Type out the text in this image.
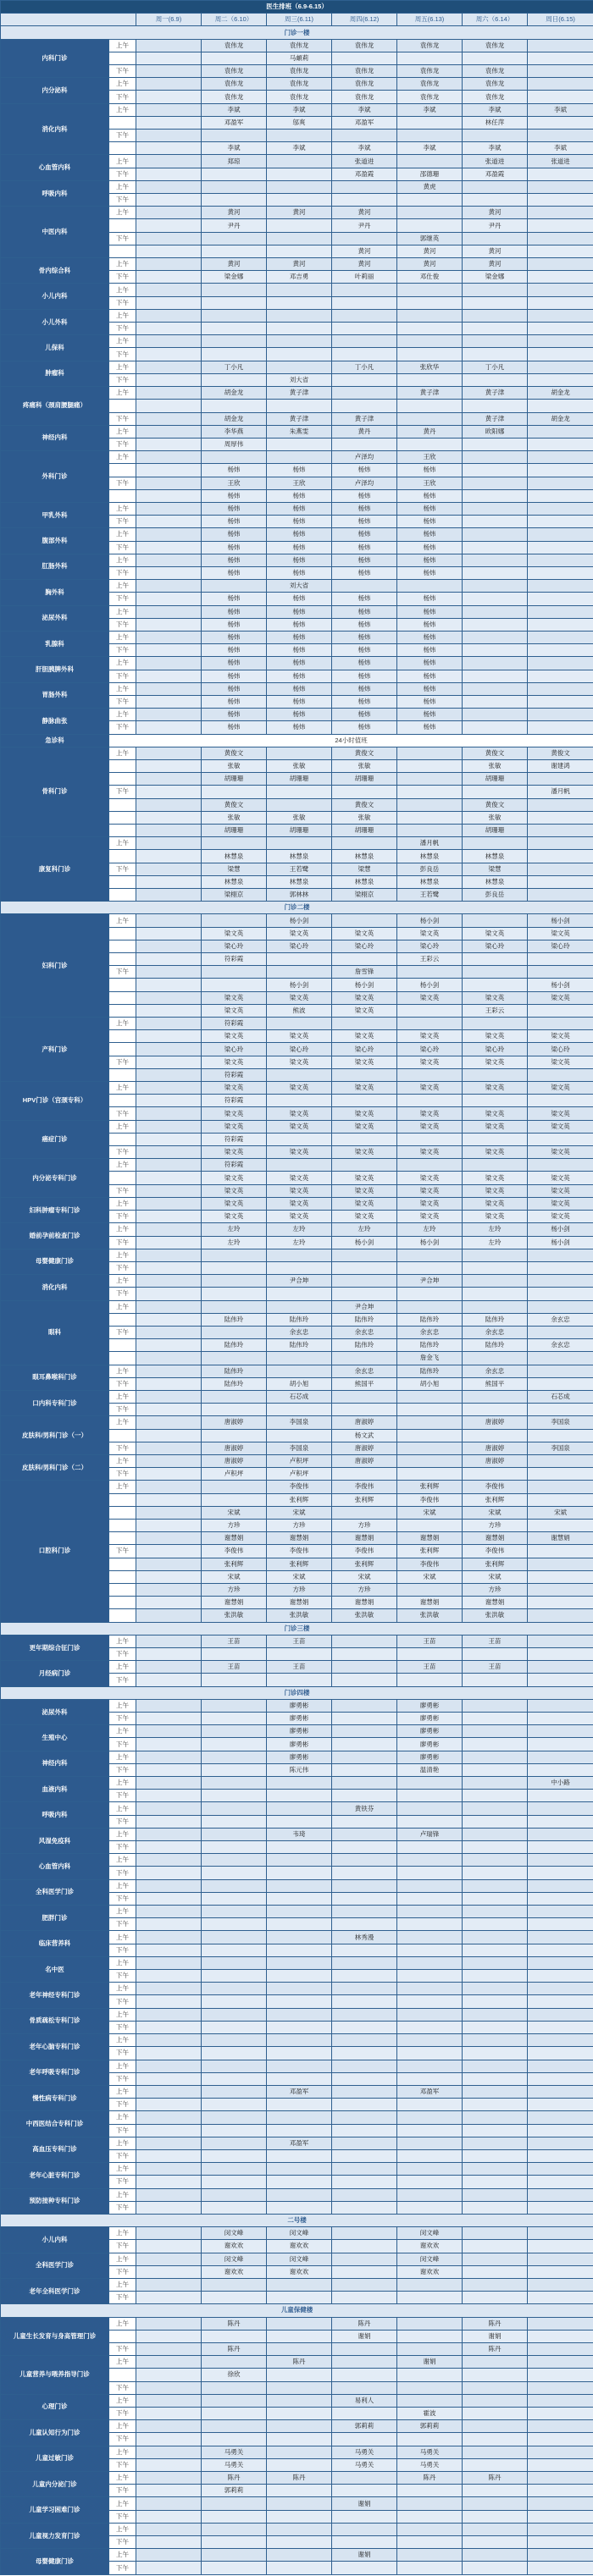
医生排班（6.9-6.15）								
		周一(6.9)	周二（6.10）	周三(6.11)	周四(6.12)	周五(6.13)	周六（6.14）	周日(6.15)
门诊一楼								
内科门诊	上午		袁伟龙	袁伟龙	袁伟龙	袁伟龙	袁伟龙	
				马頔莉				
	下午		袁伟龙	袁伟龙	袁伟龙	袁伟龙	袁伟龙	
内分泌科	上午		袁伟龙	袁伟龙	袁伟龙	袁伟龙	袁伟龙	
	下午		袁伟龙	袁伟龙	袁伟龙	袁伟龙	袁伟龙	
消化内科	上午		李斌	李斌	李斌	李斌	李斌	李斌
			邓盈军	邬爽	邓盈军		林任萍	
	下午							
			李斌	李斌	李斌	李斌	李斌	李斌
心血管内科	上午		郑琼		张道进		张道进	张道进
	下午				邓盈霞	邵德珊	邓盈霞	
呼吸内科	上午					黄虎		
	下午							
中医内科	上午		黄河	黄河	黄河		黄河	
			尹丹		尹丹		尹丹	
	下午					郭继英		
					黄河	黄河	黄河	
骨内综合科	上午		黄河	黄河	黄河	黄河	黄河	
	下午		梁金娜	邓吉勇	叶莉丽	邓仕俊	梁金娜	
小儿内科	上午							
	下午							
小儿外科	上午							
	下午							
儿保科	上午							
	下午							
肿瘤科	上午		丁小凡		丁小凡	张欣华	丁小凡	
	下午			刘大省				
疼痛科（颈肩腰腿痛）	上午		胡金龙	黄子津		黄子津	黄子津	胡金龙

	下午		胡金龙	黄子津	黄子津		黄子津	胡金龙
神经内科	上午		李华燕	朱燕雯	黄丹	黄丹	欧阳娜	
	下午		周厚伟					
外科门诊	上午				卢泽均	王欣		
			杨炜	杨炜	杨炜	杨炜		
	下午		王欣	王欣	卢泽均	王欣		
			杨炜	杨炜	杨炜	杨炜		
甲乳外科	上午		杨炜	杨炜	杨炜	杨炜		
	下午		杨炜	杨炜	杨炜	杨炜		
腹部外科	上午		杨炜	杨炜	杨炜	杨炜		
	下午		杨炜	杨炜	杨炜	杨炜		
肛肠外科	上午		杨炜	杨炜	杨炜	杨炜		
	下午		杨炜	杨炜	杨炜	杨炜		
胸外科	上午			刘大省				
	下午		杨炜	杨炜	杨炜	杨炜		
泌尿外科	上午		杨炜	杨炜	杨炜	杨炜		
	下午		杨炜	杨炜	杨炜	杨炜		
乳腺科	上午		杨炜	杨炜	杨炜	杨炜		
	下午		杨炜	杨炜	杨炜	杨炜		
肝胆胰脾外科	上午		杨炜	杨炜	杨炜	杨炜		
	下午		杨炜	杨炜	杨炜	杨炜		
胃肠外科	上午		杨炜	杨炜	杨炜	杨炜		
	下午		杨炜	杨炜	杨炜	杨炜		
静脉曲张	上午		杨炜	杨炜	杨炜	杨炜		
	下午		杨炜	杨炜	杨炜	杨炜		
急诊科	24小时值班							
骨科门诊	上午		黄俊文		黄俊文		黄俊文	黄俊文
			张敏	张敏	张敏		张敏	谢建鸿
			胡珊珊	胡珊珊	胡珊珊		胡珊珊	
	下午							潘月帆
			黄俊文		黄俊文		黄俊文	
			张敏	张敏	张敏		张敏	
			胡珊珊	胡珊珊	胡珊珊		胡珊珊	
康复科门诊	上午					潘月帆		
			林慧泉	林慧泉	林慧泉	林慧泉	林慧泉	
	下午		梁慧	王若鹭	梁慧	彭良岳	梁慧	
			林慧泉	林慧泉	林慧泉	林慧泉	林慧泉	
			梁栩京	郭林林	梁栩京	王若鹭	彭良岳	
门诊二楼								
妇科门诊	上午			杨小剑		杨小剑		杨小剑
			梁文英	梁文英	梁文英	梁文英	梁文英	梁文英
			梁心玲	梁心玲	梁心玲	梁心玲	梁心玲	梁心玲
			符彩霞			王彩云		
	下午				詹雪锋			
				杨小剑	杨小剑	杨小剑		杨小剑
			梁文英	梁文英	梁文英	梁文英	梁文英	梁文英
			梁文英	熊波	梁文英		王彩云	
产科门诊	上午		符彩霞					
			梁文英	梁文英	梁文英	梁文英	梁文英	梁文英
			梁心玲	梁心玲	梁心玲	梁心玲	梁心玲	梁心玲
	下午		梁文英	梁文英	梁文英	梁文英	梁文英	梁文英
			符彩霞					
HPV门诊（宫颈专科）	上午		梁文英	梁文英	梁文英	梁文英	梁文英	梁文英
			符彩霞					
	下午		梁文英	梁文英	梁文英	梁文英	梁文英	梁文英
癌症门诊	上午		梁文英	梁文英	梁文英	梁文英	梁文英	梁文英
			符彩霞					
	下午		梁文英	梁文英	梁文英	梁文英	梁文英	梁文英
内分泌专科门诊	上午		符彩霞					
			梁文英	梁文英	梁文英	梁文英	梁文英	梁文英
	下午		梁文英	梁文英	梁文英	梁文英	梁文英	梁文英
妇科肿瘤专科门诊	上午		梁文英	梁文英	梁文英	梁文英	梁文英	梁文英
	下午		梁文英	梁文英	梁文英	梁文英	梁文英	梁文英
婚前孕前检查门诊	上午		左玲	左玲	左玲	左玲	左玲	杨小剑
	下午		左玲	左玲	杨小剑	杨小剑	左玲	杨小剑
母婴健康门诊	上午							
	下午							
消化内科	上午			尹合坤		尹合坤		
	下午							
眼科	上午				尹合坤			
			陆伟玲	陆伟玲	陆伟玲	陆伟玲	陆伟玲	余玄忠
	下午			余玄忠	余玄忠	余玄忠	余玄忠	
			陆伟玲	陆伟玲	陆伟玲	陆伟玲	陆伟玲	余玄忠
						詹金飞		
眼耳鼻喉科门诊	上午		陆伟玲		余玄忠	陆伟玲	余玄忠	
	下午		陆伟玲	胡小旭	熊国平	胡小旭	熊国平	
口内科专科门诊	上午			石芯成				石芯成
	下午							
皮肤科/男科门诊（一）	上午		唐淑婷	李国泉	唐淑婷		唐淑婷	李国泉
					杨文武			
	下午		唐淑婷	李国泉	唐淑婷		唐淑婷	李国泉
皮肤科/男科门诊（二）	上午		唐淑婷	卢积坪	唐淑婷		唐淑婷	
	下午		卢积坪	卢积坪				
口腔科门诊	上午			李俊伟	李俊伟	张利辉	李俊伟	
				张利辉	张利辉	李俊伟	张利辉	
			宋斌	宋斌		宋斌	宋斌	宋斌
			方珍	方珍	方珍		方珍	
			谢慧娟	谢慧娟	谢慧娟	谢慧娟	谢慧娟	谢慧娟
	下午		李俊伟	李俊伟	李俊伟	张利辉	李俊伟	
			张利辉	张利辉	张利辉	李俊伟	张利辉	
			宋斌	宋斌	宋斌	宋斌	宋斌	
			方珍	方珍	方珍		方珍	
			谢慧娟	谢慧娟	谢慧娟	谢慧娟	谢慧娟	
			张洪敏	张洪敏	张洪敏	张洪敏	张洪敏	
门诊三楼								
更年期综合征门诊	上午		王苗	王苗		王苗	王苗	
	下午							
月经病门诊	上午		王苗	王苗		王苗	王苗	
	下午							
门诊四楼								
泌尿外科	上午			廖勇彬		廖勇彬		
	下午			廖勇彬		廖勇彬		
生殖中心	上午			廖勇彬		廖勇彬		
	下午			廖勇彬		廖勇彬		
神经内科	上午			廖勇彬		廖勇彬		
	下午			陈元伟		温清艳		
血液内科	上午							中小路
	下午							
呼吸内科	上午				黄铁芬			
	下午							
风湿免疫科	上午			韦琦		卢瑞锋		
	下午							
心血管内科	上午							
	下午							
全科医学门诊	上午							
	下午							
肥胖门诊	上午							
	下午							
临床营养科	上午				林秀漫			
	下午							
名中医	上午							
	下午							
老年神经专科门诊	上午							
	下午							
骨质疏松专科门诊	上午							
	下午							
老年心脑专科门诊	上午							
	下午							
老年呼吸专科门诊	上午							
	下午							
慢性病专科门诊	上午			邓盈军		邓盈军		
	下午							
中西医结合专科门诊	上午							
	下午							
高血压专科门诊	上午			邓盈军				
	下午							
老年心脏专科门诊	上午							
	下午							
预防接种专科门诊	上午							
	下午							
二号楼								
小儿内科	上午		闵文峰	闵文峰		闵文峰		
	下午		谢欢欢	谢欢欢		谢欢欢		
全科医学门诊	上午		闵文峰	闵文峰		闵文峰		
	下午		谢欢欢	谢欢欢		谢欢欢		
老年全科医学门诊	上午							
	下午							
儿童保健楼								
儿童生长发育与身高管理门诊	上午		陈丹		陈丹		陈丹	
					谢娟		谢娟	
	下午		陈丹				陈丹	
儿童营养与喂养指导门诊	上午			陈丹		谢娟		
			徐欣					
	下午							
心理门诊	上午				易利人			
	下午					霍波		
儿童认知行为门诊	上午				郭莉莉	郭莉莉		
	下午							
儿童过敏门诊	上午		马勇关		马勇关	马勇关		
	下午		马勇关		马勇关	马勇关		
儿童内分泌门诊	上午		陈丹	陈丹		陈丹	陈丹	
	下午		郭莉莉					
儿童学习困难门诊	上午				谢娟			
	下午							
儿童视力发育门诊	上午							
	下午							
母婴健康门诊	上午				谢娟			
	下午							
